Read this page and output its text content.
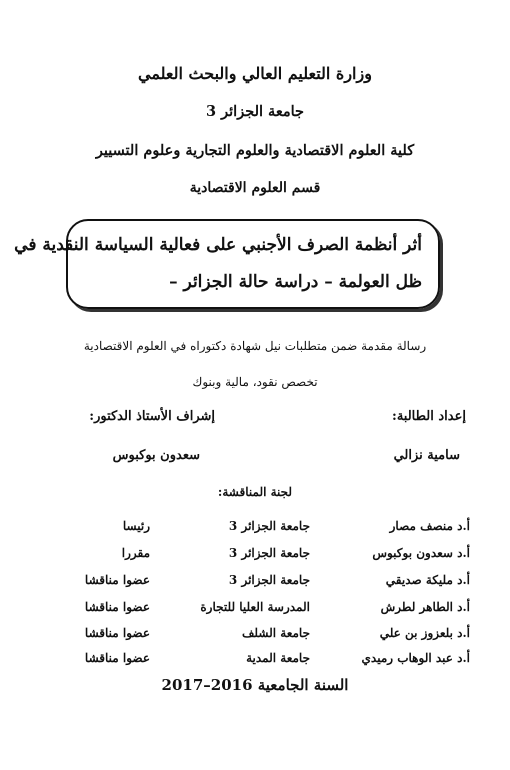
وزارة التعليم العالي والبحث العلمي
جامعة الجزائر 3
كلية العلوم الاقتصادية والعلوم التجارية وعلوم التسيير
قسم العلوم الاقتصادية
أثر أنظمة الصرف الأجنبي على فعالية السياسة النقدية في
ظل العولمة – دراسة حالة الجزائر –
رسالة مقدمة ضمن متطلبات نيل شهادة دكتوراه في العلوم الاقتصادية
تخصص نقود، مالية وبنوك
إعداد الطالبة:
إشراف الأستاذ الدكتور:
سامية نزالي
سعدون بوكبوس
لجنة المناقشة:
أ.د منصف مصار
جامعة الجزائر 3
رئيسا
أ.د سعدون بوكبوس
جامعة الجزائر 3
مقررا
أ.د مليكة صديقي
جامعة الجزائر 3
عضوا مناقشا
أ.د الطاهر لطرش
المدرسة العليا للتجارة
عضوا مناقشا
أ.د بلعزوز بن علي
جامعة الشلف
عضوا مناقشا
أ.د عبد الوهاب رميدي
جامعة المدية
عضوا مناقشا
السنة الجامعية 2016–2017
